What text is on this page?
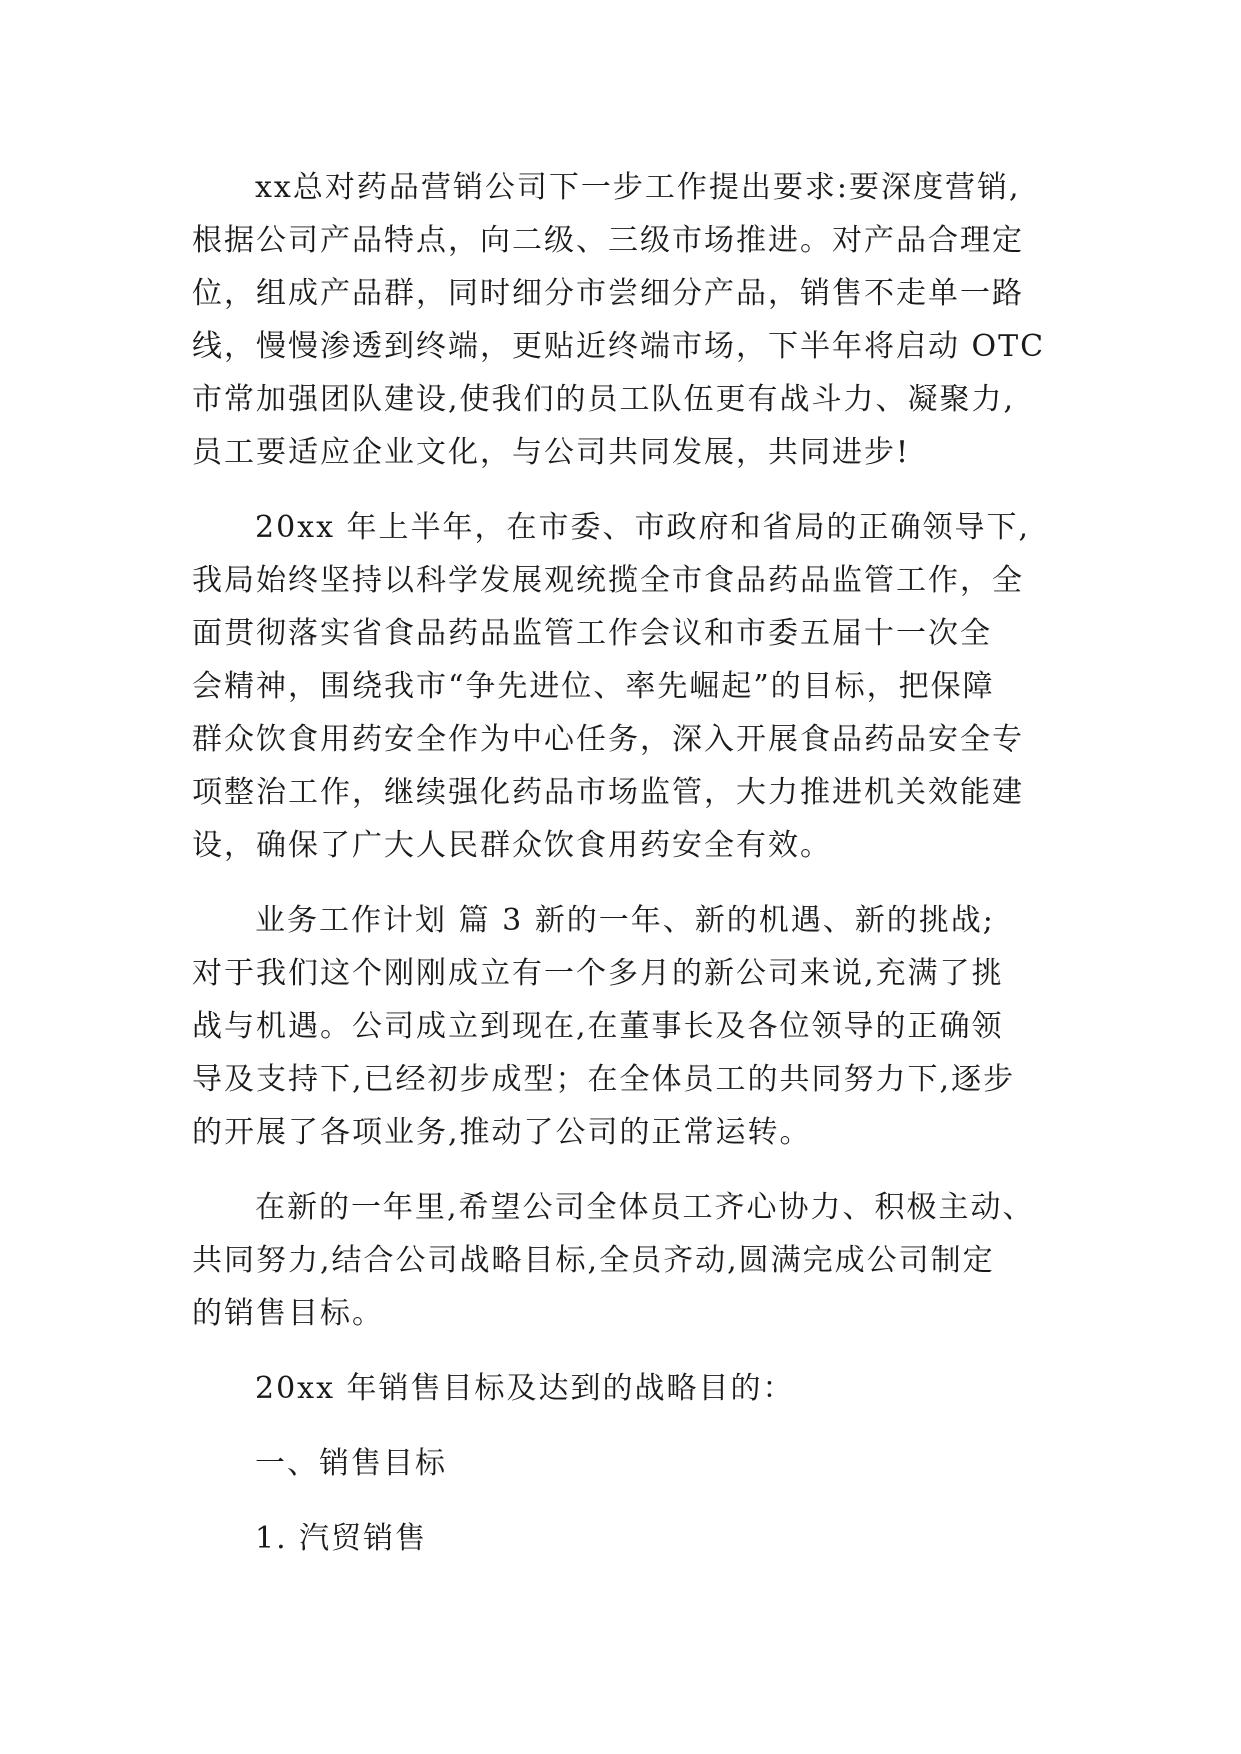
xx总对药品营销公司下一步工作提出要求:要深度营销,
根据公司产品特点，向二级、三级市场推进。对产品合理定
位，组成产品群，同时细分市尝细分产品，销售不走单一路
线，慢慢渗透到终端，更贴近终端市场，下半年将启动 OTC
市常加强团队建设,使我们的员工队伍更有战斗力、凝聚力,
员工要适应企业文化，与公司共同发展，共同进步!
20xx 年上半年，在市委、市政府和省局的正确领导下,
我局始终坚持以科学发展观统揽全市食品药品监管工作，全
面贯彻落实省食品药品监管工作会议和市委五届十一次全
会精神，围绕我市“争先进位、率先崛起”的目标，把保障
群众饮食用药安全作为中心任务，深入开展食品药品安全专
项整治工作，继续强化药品市场监管，大力推进机关效能建
设，确保了广大人民群众饮食用药安全有效。
业务工作计划 篇 3 新的一年、新的机遇、新的挑战;
对于我们这个刚刚成立有一个多月的新公司来说,充满了挑
战与机遇。公司成立到现在,在董事长及各位领导的正确领
导及支持下,已经初步成型；在全体员工的共同努力下,逐步
的开展了各项业务,推动了公司的正常运转。
在新的一年里,希望公司全体员工齐心协力、积极主动、
共同努力,结合公司战略目标,全员齐动,圆满完成公司制定
的销售目标。
20xx 年销售目标及达到的战略目的：
一、销售目标
1. 汽贸销售
